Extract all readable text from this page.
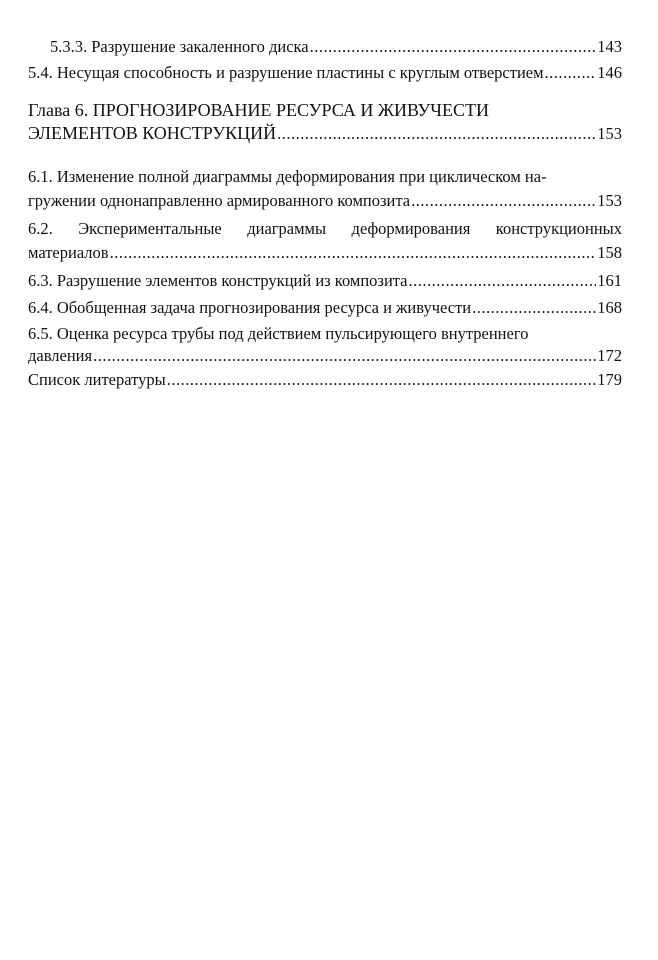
5.3.3. Разрушение закаленного диска .....	143
5.4. Несущая способность и разрушение пластины с круглым отверстием .....	146
Глава 6. ПРОГНОЗИРОВАНИЕ РЕСУРСА И ЖИВУЧЕСТИ
ЭЛЕМЕНТОВ КОНСТРУКЦИЙ .....	153
6.1. Изменение полной диаграммы деформирования при циклическом на-
гружении однонаправленно армированного композита .....	153
6.2. Экспериментальные диаграммы деформирования конструкционных
материалов .....	158
6.3. Разрушение элементов конструкций из композита .....	161
6.4. Обобщенная задача прогнозирования ресурса и живучести .....	168
6.5. Оценка ресурса трубы под действием пульсирующего внутреннего
давления .....	172
Список литературы .....	179
